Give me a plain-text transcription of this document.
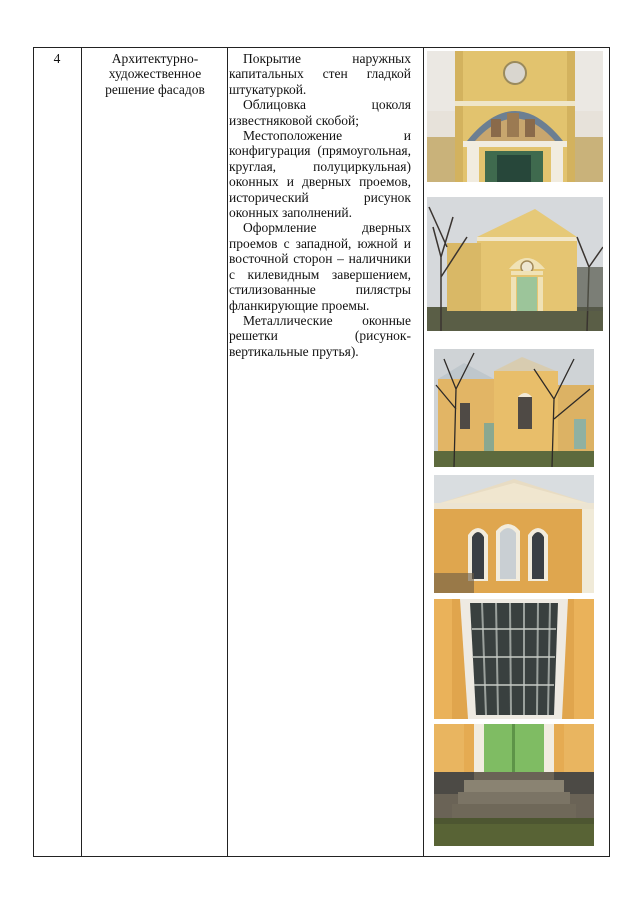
4	Архитектурно-художественное решение фасадов

Покрытие наружных капитальных стен гладкой штукатуркой.

Облицовка цоколя известняковой скобой;

Местоположение и конфигурация (прямоугольная, круглая, полуциркульная) оконных и дверных проемов, исторический рисунок оконных заполнений.

Оформление дверных проемов с западной, южной и восточной сторон – наличники с килевидным завершением, стилизованные пилястры фланкирующие проемы.

Металлические оконные решетки (рисунок-вертикальные прутья).
